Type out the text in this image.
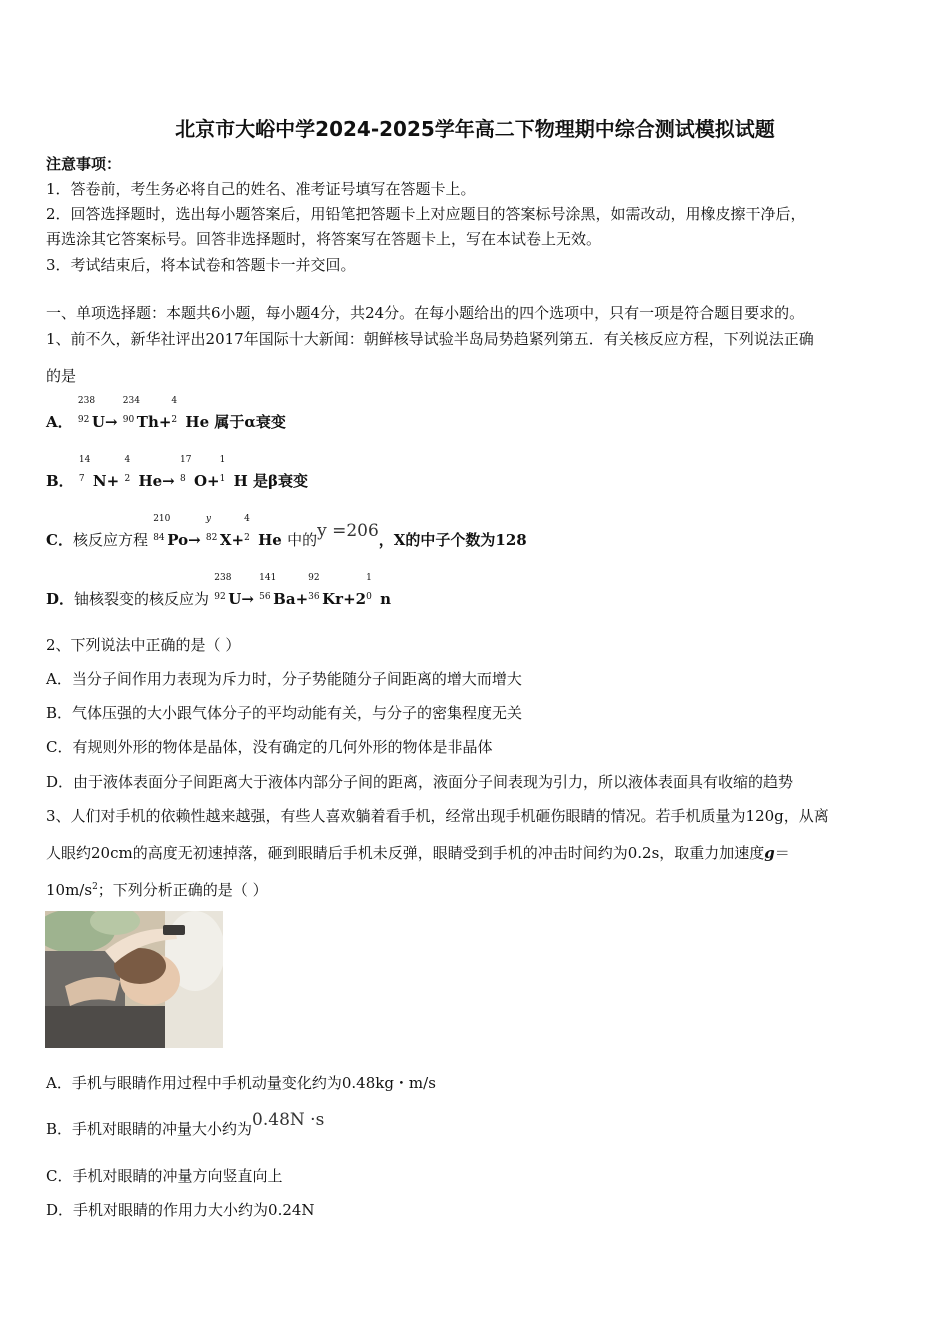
北京市大峪中学2024-2025学年高二下物理期中综合测试模拟试题
注意事项：
1．答卷前，考生务必将自己的姓名、准考证号填写在答题卡上。
2．回答选择题时，选出每小题答案后，用铅笔把答题卡上对应题目的答案标号涂黑，如需改动，用橡皮擦干净后，
再选涂其它答案标号。回答非选择题时，将答案写在答题卡上，写在本试卷上无效。
3．考试结束后，将本试卷和答题卡一并交回。
一、单项选择题：本题共6小题，每小题4分，共24分。在每小题给出的四个选项中，只有一项是符合题目要求的。
1、前不久，新华社评出2017年国际十大新闻：朝鲜核导试验半岛局势趋紧列第五．有关核反应方程，下列说法正确
的是
A．
238
92 U→
234
90 Th+
4
2 He 属于α衰变
B．
14
7 N+
4
2 He→
17
8 O+
1
1 H 是β衰变
C．核反应方程
210
84 Po→
y
82 X+
4
2 He 中的y =206，X的中子个数为128
D．铀核裂变的核反应为
238
92 U→
141
56 Ba+
92
36 Kr+2
1
0 n
2、下列说法中正确的是（ ）
A．当分子间作用力表现为斥力时，分子势能随分子间距离的增大而增大
B．气体压强的大小跟气体分子的平均动能有关，与分子的密集程度无关
C．有规则外形的物体是晶体，没有确定的几何外形的物体是非晶体
D．由于液体表面分子间距离大于液体内部分子间的距离，液面分子间表现为引力，所以液体表面具有收缩的趋势
3、人们对手机的依赖性越来越强，有些人喜欢躺着看手机，经常出现手机砸伤眼睛的情况。若手机质量为120g，从离
人眼约20cm的高度无初速掉落，砸到眼睛后手机未反弹，眼睛受到手机的冲击时间约为0.2s，取重力加速度g＝
$10m/s^2$；下列分析正确的是（ ）
A．手机与眼睛作用过程中手机动量变化约为0.48kg・m/s
B．手机对眼睛的冲量大小约为0.48N ·s
C．手机对眼睛的冲量方向竖直向上
D．手机对眼睛的作用力大小约为0.24N
